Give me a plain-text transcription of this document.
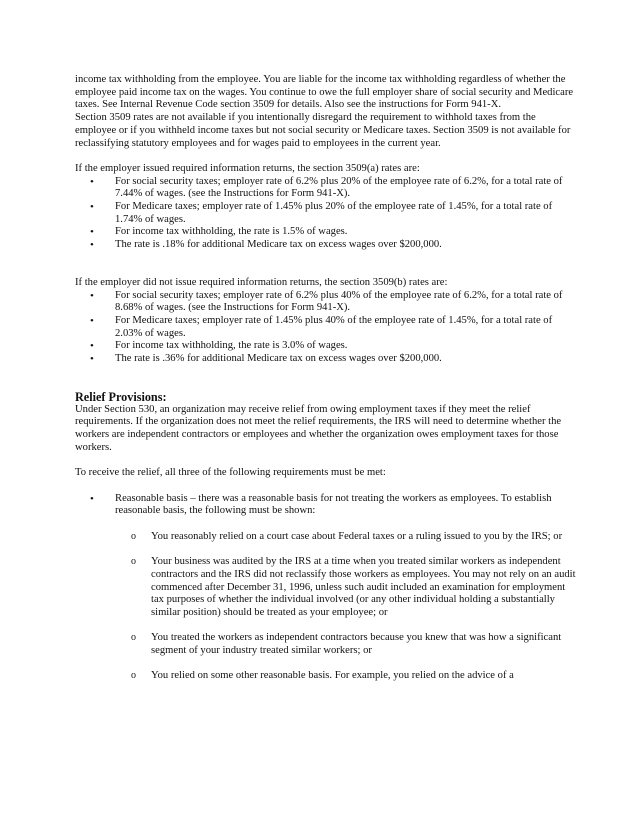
income tax withholding from the employee. You are liable for the income tax withholding regardless of whether the employee paid income tax on the wages. You continue to owe the full employer share of social security and Medicare taxes. See Internal Revenue Code section 3509 for details. Also see the instructions for Form 941-X.

Section 3509 rates are not available if you intentionally disregard the requirement to withhold taxes from the employee or if you withheld income taxes but not social security or Medicare taxes. Section 3509 is not available for reclassifying statutory employees and for wages paid to employees in the current year.

If the employer issued required information returns, the section 3509(a) rates are:

• For social security taxes; employer rate of 6.2% plus 20% of the employee rate of 6.2%, for a total rate of 7.44% of wages. (see the Instructions for Form 941-X).
• For Medicare taxes; employer rate of 1.45% plus 20% of the employee rate of 1.45%, for a total rate of 1.74% of wages.
• For income tax withholding, the rate is 1.5% of wages.
• The rate is .18% for additional Medicare tax on excess wages over $200,000.

If the employer did not issue required information returns, the section 3509(b) rates are:

• For social security taxes; employer rate of 6.2% plus 40% of the employee rate of 6.2%, for a total rate of 8.68% of wages. (see the Instructions for Form 941-X).
• For Medicare taxes; employer rate of 1.45% plus 40% of the employee rate of 1.45%, for a total rate of 2.03% of wages.
• For income tax withholding, the rate is 3.0% of wages.
• The rate is .36% for additional Medicare tax on excess wages over $200,000.
Relief Provisions:

Under Section 530, an organization may receive relief from owing employment taxes if they meet the relief requirements. If the organization does not meet the relief requirements, the IRS will need to determine whether the workers are independent contractors or employees and whether the organization owes employment taxes for those workers.

To receive the relief, all three of the following requirements must be met:

• Reasonable basis – there was a reasonable basis for not treating the workers as employees. To establish reasonable basis, the following must be shown:
o You reasonably relied on a court case about Federal taxes or a ruling issued to you by the IRS; or
o Your business was audited by the IRS at a time when you treated similar workers as independent contractors and the IRS did not reclassify those workers as employees. You may not rely on an audit commenced after December 31, 1996, unless such audit included an examination for employment tax purposes of whether the individual involved (or any other individual holding a substantially similar position) should be treated as your employee; or
o You treated the workers as independent contractors because you knew that was how a significant segment of your industry treated similar workers; or
o You relied on some other reasonable basis. For example, you relied on the advice of a
